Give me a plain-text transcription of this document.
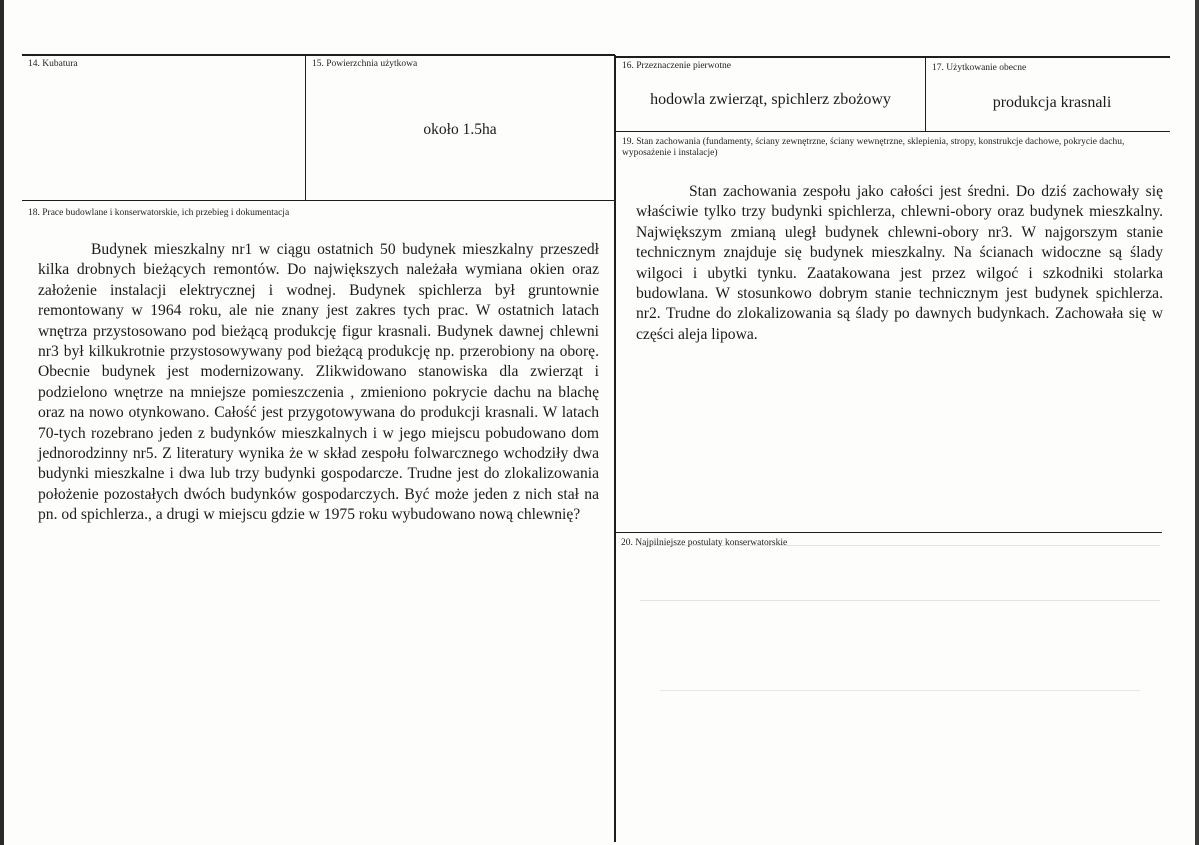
14. Kubatura	15. Powierzchnia użytkowa
około 1.5ha
16. Przeznaczenie pierwotne
hodowla zwierząt, spichlerz zbożowy
17. Użytkowanie obecne
produkcja krasnali
18. Prace budowlane i konserwatorskie, ich przebieg i dokumentacja

Budynek mieszkalny nr1 w ciągu ostatnich 50 budynek mieszkalny przeszedł kilka drobnych bieżących remontów. Do największych należała wymiana okien oraz założenie instalacji elektrycznej i wodnej. Budynek spichlerza był gruntownie remontowany w 1964 roku, ale nie znany jest zakres tych prac. W ostatnich latach wnętrza przystosowano pod bieżącą produkcję figur krasnali. Budynek dawnej chlewni nr3 był kilkukrotnie przystosowywany pod bieżącą produkcję np. przerobiony na oborę. Obecnie budynek jest modernizowany. Zlikwidowano stanowiska dla zwierząt i podzielono wnętrze na mniejsze pomieszczenia , zmieniono pokrycie dachu na blachę oraz na nowo otynkowano. Całość jest przygotowywana do produkcji krasnali. W latach 70-tych rozebrano jeden z budynków mieszkalnych i w jego miejscu pobudowano dom jednorodzinny nr5. Z literatury wynika że w skład zespołu folwarcznego wchodziły dwa budynki mieszkalne i dwa lub trzy budynki gospodarcze. Trudne jest do zlokalizowania położenie pozostałych dwóch budynków gospodarczych. Być może jeden z nich stał na pn. od spichlerza., a drugi w miejscu gdzie w 1975 roku wybudowano nową chlewnię?

19. Stan zachowania (fundamenty, ściany zewnętrzne, ściany wewnętrzne, sklepienia, stropy, konstrukcje dachowe, pokrycie dachu, wyposażenie i instalacje)

Stan zachowania zespołu jako całości jest średni. Do dziś zachowały się właściwie tylko trzy budynki spichlerza, chlewni-obory oraz budynek mieszkalny. Największym zmianą uległ budynek chlewni-obory nr3. W najgorszym stanie technicznym znajduje się budynek mieszkalny. Na ścianach widoczne są ślady wilgoci i ubytki tynku. Zaatakowana jest przez wilgoć i szkodniki stolarka budowlana. W stosunkowo dobrym stanie technicznym jest budynek spichlerza. nr2. Trudne do zlokalizowania są ślady po dawnych budynkach. Zachowała się w części aleja lipowa.

20. Najpilniejsze postulaty konserwatorskie
